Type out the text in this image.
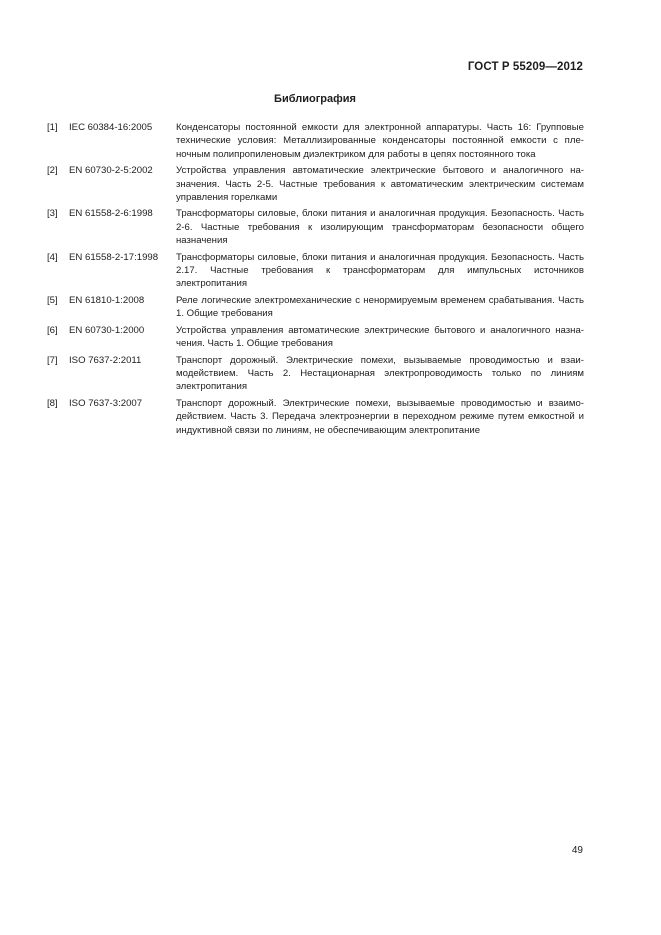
ГОСТ Р 55209—2012
Библиография
[1]	IEC 60384-16:2005	Конденсаторы постоянной емкости для электронной аппаратуры. Часть 16: Групповые технические условия: Металлизированные конденсаторы постоянной емкости с пленочным полипропиленовым диэлектриком для работы в цепях постоянного тока
[2]	EN 60730-2-5:2002	Устройства управления автоматические электрические бытового и аналогичного назначения. Часть 2-5. Частные требования к автоматическим электрическим системам управления горелками
[3]	EN 61558-2-6:1998	Трансформаторы силовые, блоки питания и аналогичная продукция. Безопасность. Часть 2-6. Частные требования к изолирующим трансформаторам безопасности общего назначения
[4]	EN 61558-2-17:1998	Трансформаторы силовые, блоки питания и аналогичная продукция. Безопасность. Часть 2.17. Частные требования к трансформаторам для импульсных источников электропитания
[5]	EN 61810-1:2008	Реле логические электромеханические с ненормируемым временем срабатывания. Часть 1. Общие требования
[6]	EN 60730-1:2000	Устройства управления автоматические электрические бытового и аналогичного назначения. Часть 1. Общие требования
[7]	ISO 7637-2:2011	Транспорт дорожный. Электрические помехи, вызываемые проводимостью и взаимодействием. Часть 2. Нестационарная электропроводимость только по линиям электропитания
[8]	ISO 7637-3:2007	Транспорт дорожный. Электрические помехи, вызываемые проводимостью и взаимодействием. Часть 3. Передача электроэнергии в переходном режиме путем емкостной и индуктивной связи по линиям, не обеспечивающим электропитание
49
